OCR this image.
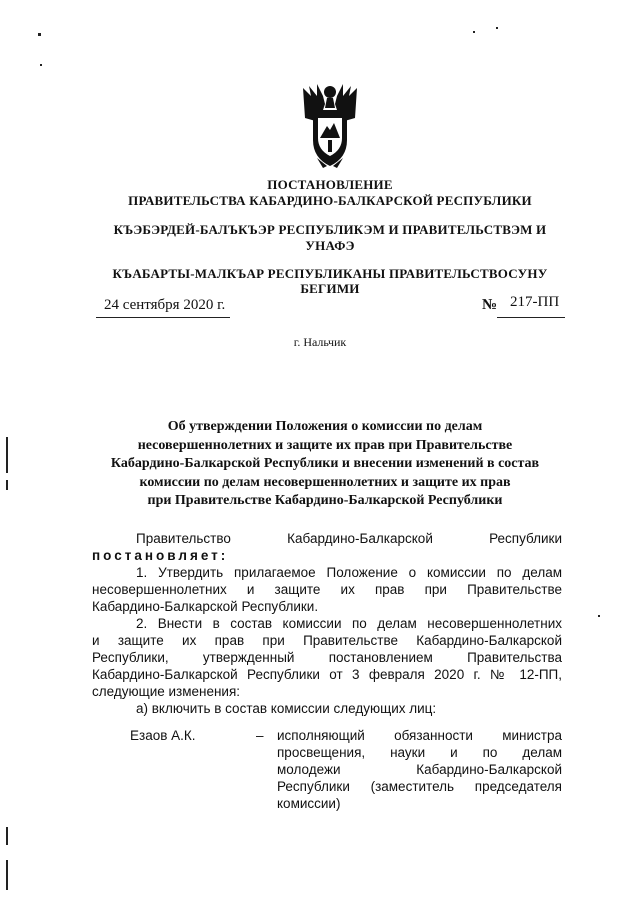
ПОСТАНОВЛЕНИЕ
ПРАВИТЕЛЬСТВА КАБАРДИНО-БАЛКАРСКОЙ РЕСПУБЛИКИ
КЪЭБЭРДЕЙ-БАЛЪКЪЭР РЕСПУБЛИКЭМ И ПРАВИТЕЛЬСТВЭМ И
УНАФЭ
КЪАБАРТЫ-МАЛКЪАР РЕСПУБЛИКАНЫ ПРАВИТЕЛЬСТВОСУНУ
БЕГИМИ
24 сентября 2020 г.	№ 217-ПП
г. Нальчик
Об утверждении Положения о комиссии по делам
несовершеннолетних и защите их прав при Правительстве
Кабардино-Балкарской Республики и внесении изменений в состав
комиссии по делам несовершеннолетних и защите их прав
при Правительстве Кабардино-Балкарской Республики
Правительство Кабардино-Балкарской Республики
постановляет:
1. Утвердить прилагаемое Положение о комиссии по делам
несовершеннолетних и защите их прав при Правительстве
Кабардино-Балкарской Республики.
2. Внести в состав комиссии по делам несовершеннолетних
и защите их прав при Правительстве Кабардино-Балкарской
Республики, утвержденный постановлением Правительства
Кабардино-Балкарской Республики от 3 февраля 2020 г. № 12-ПП,
следующие изменения:
а) включить в состав комиссии следующих лиц:
Езаов А.К.	– исполняющий обязанности министра
просвещения, науки и по делам
молодежи Кабардино-Балкарской
Республики (заместитель председателя
комиссии)
